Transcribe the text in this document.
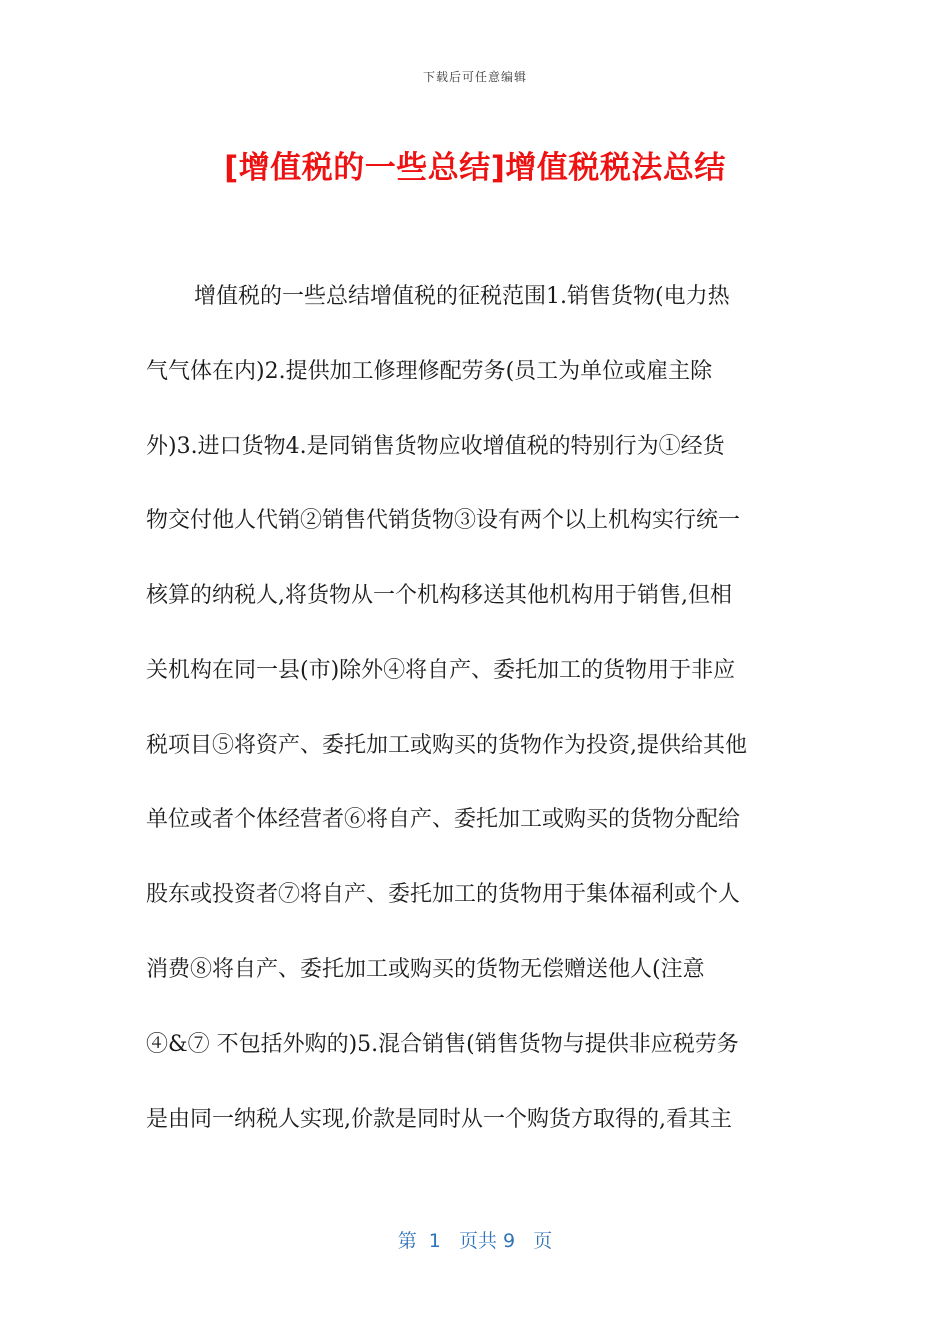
下载后可任意编辑
[增值税的一些总结]增值税税法总结
增值税的一些总结增值税的征税范围1.销售货物(电力热
气气体在内)2.提供加工修理修配劳务(员工为单位或雇主除
外)3.进口货物4.是同销售货物应收增值税的特别行为①经货
物交付他人代销②销售代销货物③设有两个以上机构实行统一
核算的纳税人,将货物从一个机构移送其他机构用于销售,但相
关机构在同一县(市)除外④将自产、委托加工的货物用于非应
税项目⑤将资产、委托加工或购买的货物作为投资,提供给其他
单位或者个体经营者⑥将自产、委托加工或购买的货物分配给
股东或投资者⑦将自产、委托加工的货物用于集体福利或个人
消费⑧将自产、委托加工或购买的货物无偿赠送他人(注意
④&⑦ 不包括外购的)5.混合销售(销售货物与提供非应税劳务
是由同一纳税人实现,价款是同时从一个购货方取得的,看其主
第  1   页共 9   页
